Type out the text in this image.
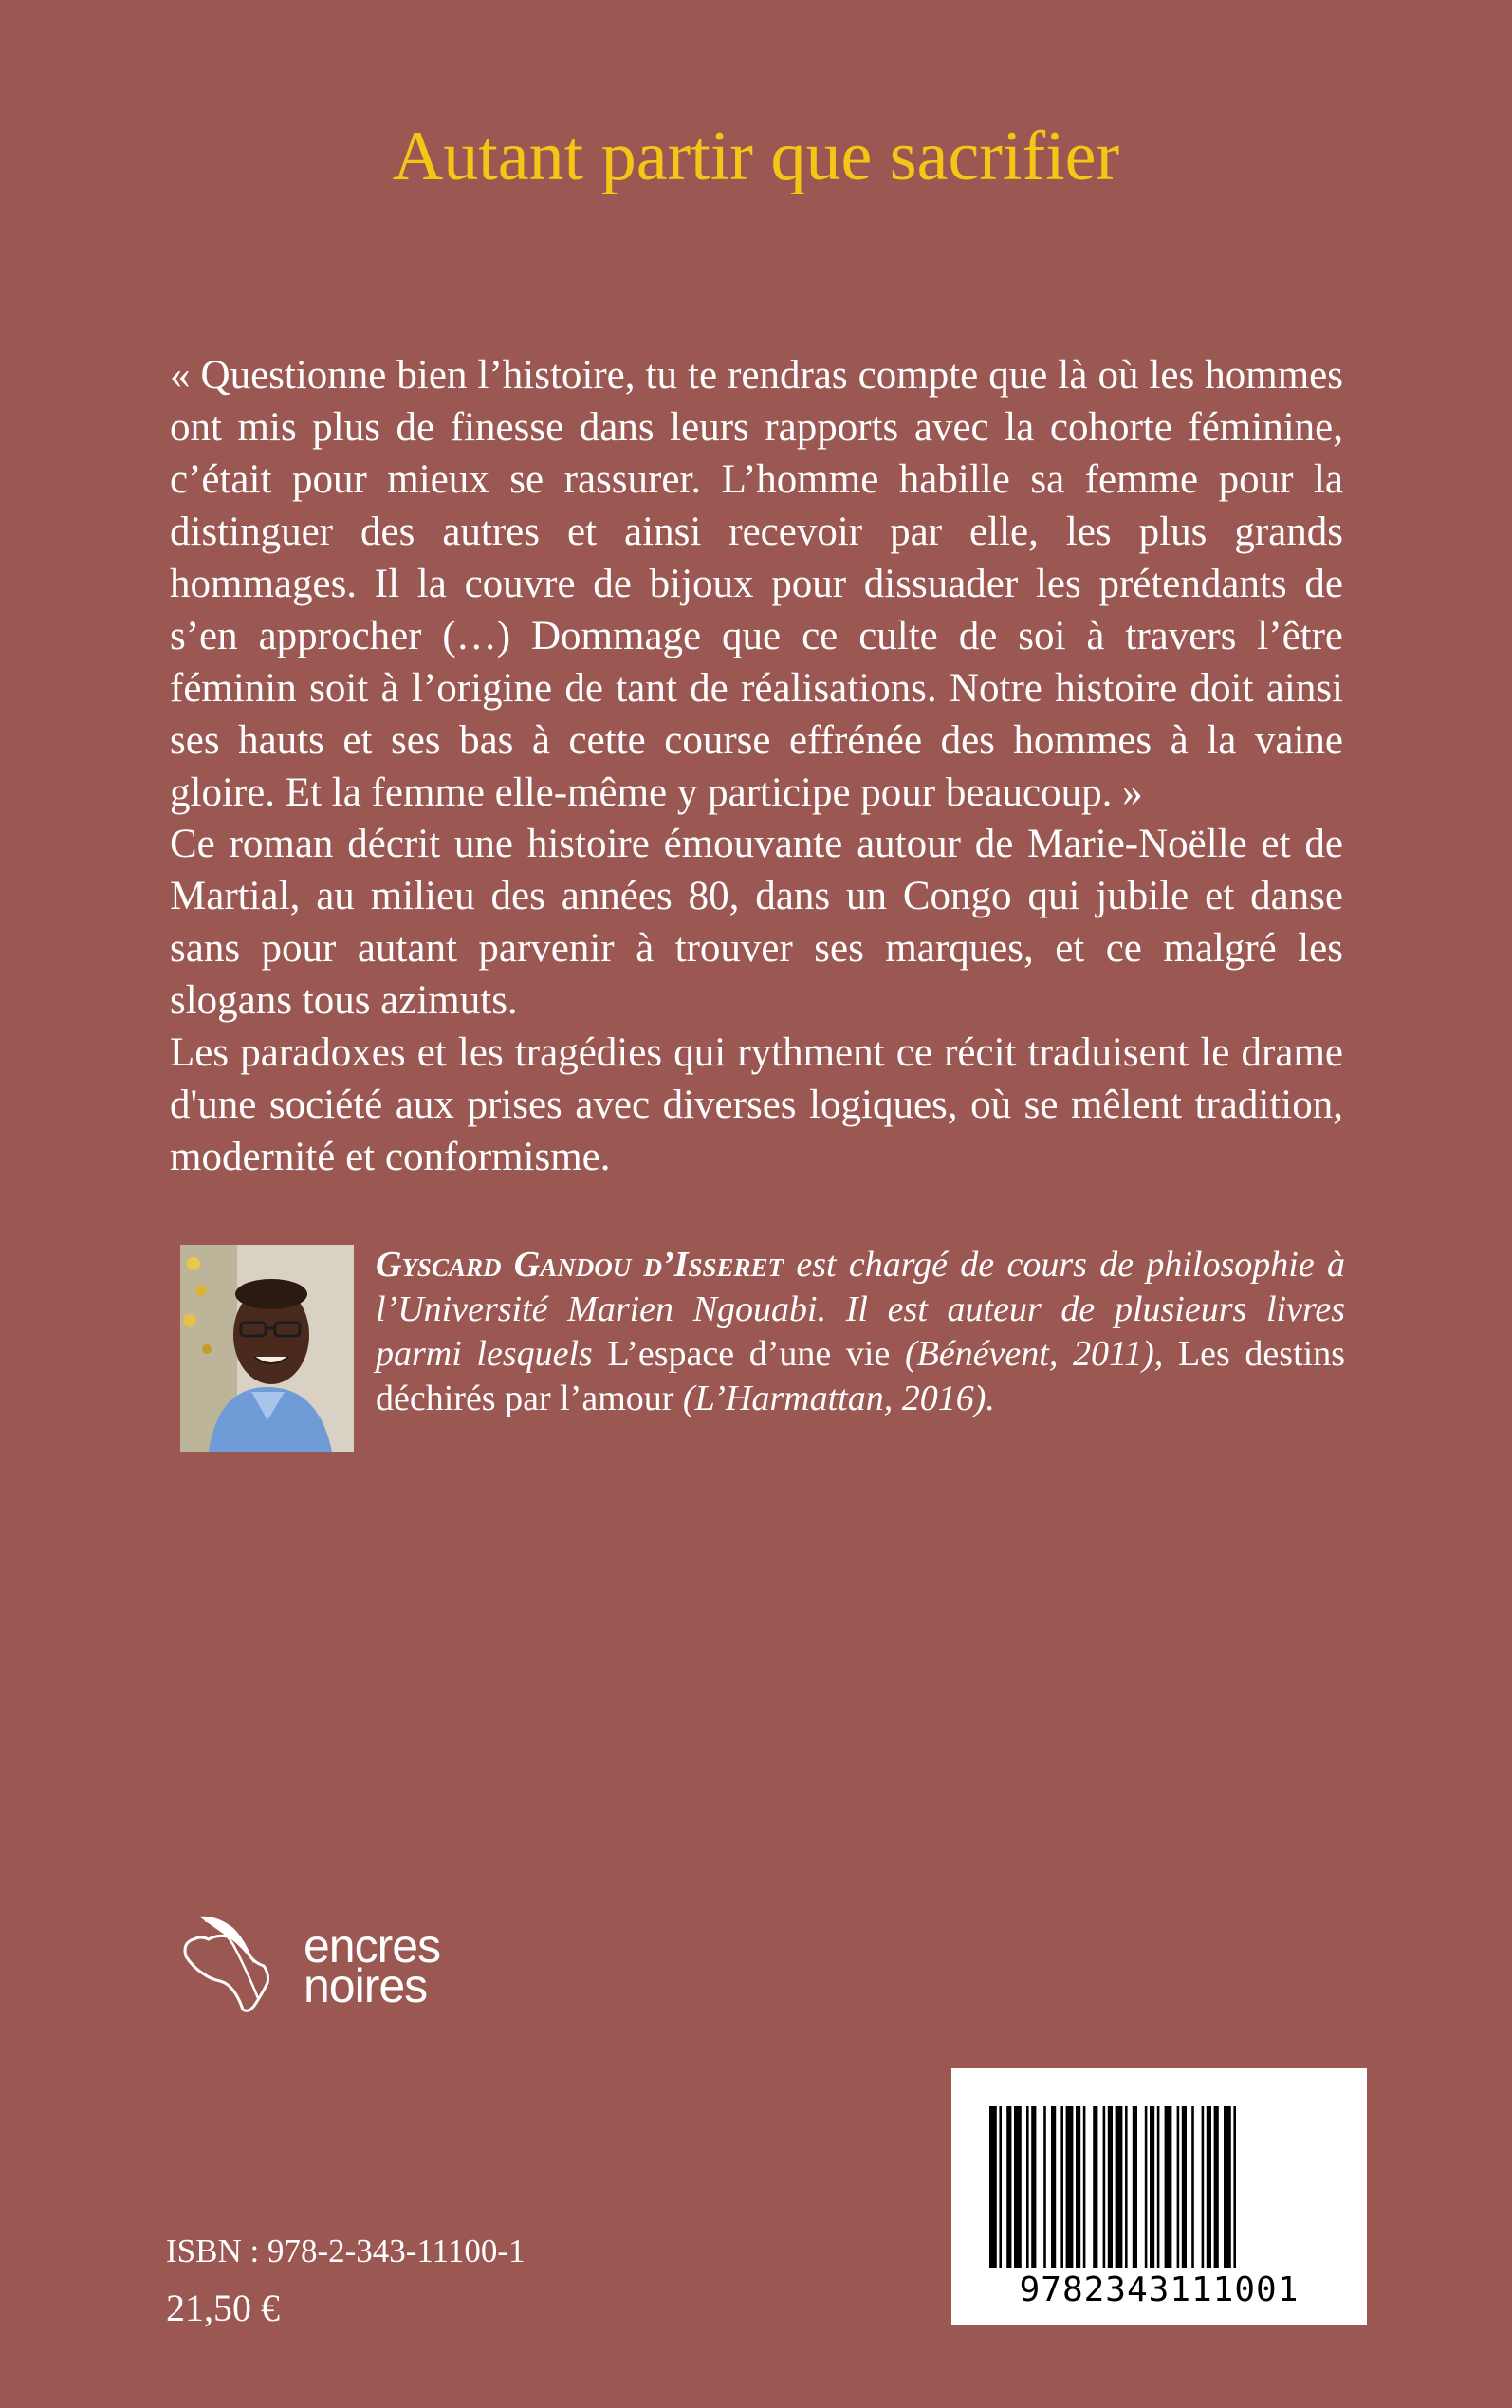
Autant partir que sacrifier

« Questionne bien l’histoire, tu te rendras compte que là où les hommes ont mis plus de finesse dans leurs rapports avec la cohorte féminine, c’était pour mieux se rassurer. L’homme habille sa femme pour la distinguer des autres et ainsi recevoir par elle, les plus grands hommages. Il la couvre de bijoux pour dissuader les prétendants de s’en approcher (…) Dommage que ce culte de soi à travers l’être féminin soit à l’origine de tant de réalisations. Notre histoire doit ainsi ses hauts et ses bas à cette course effrénée des hommes à la vaine gloire. Et la femme elle-même y participe pour beaucoup. »

Ce roman décrit une histoire émouvante autour de Marie-Noëlle et de Martial, au milieu des années 80, dans un Congo qui jubile et danse sans pour autant parvenir à trouver ses marques, et ce malgré les slogans tous azimuts.

Les paradoxes et les tragédies qui rythment ce récit traduisent le drame d'une société aux prises avec diverses logiques, où se mêlent tradition, modernité et conformisme.

Gyscard Gandou d’Isseret est chargé de cours de philosophie à l’Université Marien Ngouabi. Il est auteur de plusieurs livres parmi lesquels L’espace d’une vie (Bénévent, 2011), Les destins déchirés par l’amour (L’Harmattan, 2016).

encres
noires
9782343111001
ISBN : 978-2-343-11100-1
21,50 €
